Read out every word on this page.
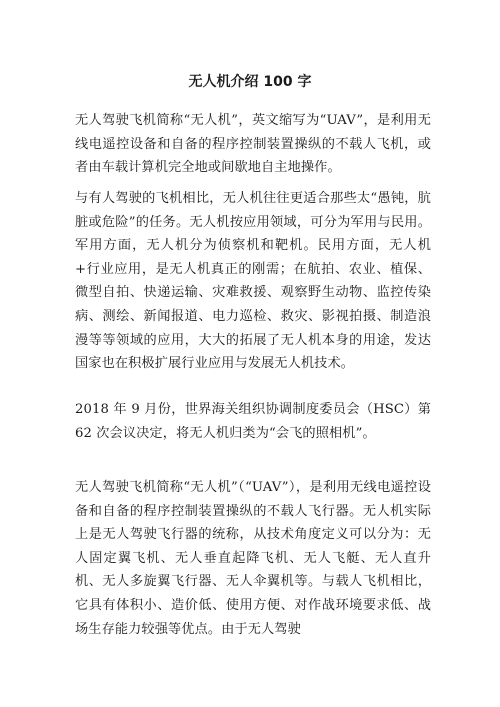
无人机介绍 100 字

无人驾驶飞机简称“无人机”，英文缩写为“UAV”，是利用无线电遥控设备和自备的程序控制装置操纵的不载人飞机，或者由车载计算机完全地或间歇地自主地操作。

与有人驾驶的飞机相比，无人机往往更适合那些太“愚钝，肮脏或危险”的任务。无人机按应用领域，可分为军用与民用。军用方面，无人机分为侦察机和靶机。民用方面，无人机+行业应用，是无人机真正的刚需；在航拍、农业、植保、微型自拍、快递运输、灾难救援、观察野生动物、监控传染病、测绘、新闻报道、电力巡检、救灾、影视拍摄、制造浪漫等等领域的应用，大大的拓展了无人机本身的用途，发达国家也在积极扩展行业应用与发展无人机技术。

2018 年 9 月份，世界海关组织协调制度委员会（HSC）第 62 次会议决定，将无人机归类为“会飞的照相机”。

无人驾驶飞机简称“无人机”（“UAV”），是利用无线电遥控设备和自备的程序控制装置操纵的不载人飞行器。无人机实际上是无人驾驶飞行器的统称，从技术角度定义可以分为：无人固定翼飞机、无人垂直起降飞机、无人飞艇、无人直升机、无人多旋翼飞行器、无人伞翼机等。与载人飞机相比，它具有体积小、造价低、使用方便、对作战环境要求低、战场生存能力较强等优点。由于无人驾驶
